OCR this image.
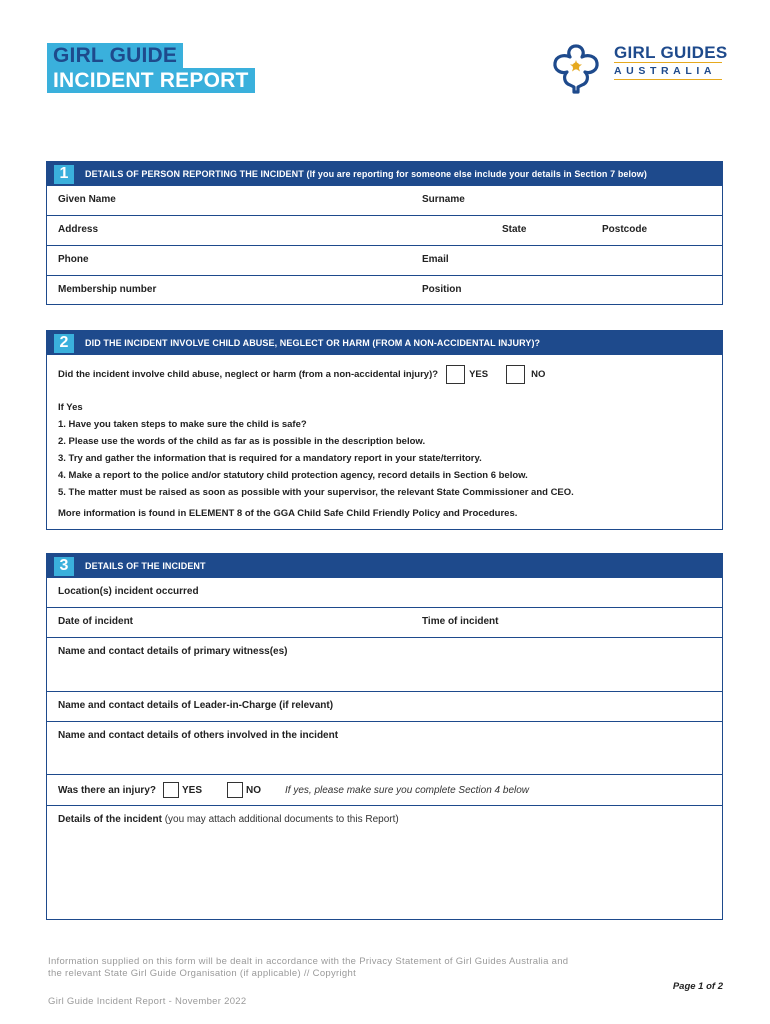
GIRL GUIDE
INCIDENT REPORT
GIRL GUIDES
AUSTRALIA
1	DETAILS OF PERSON REPORTING THE INCIDENT (If you are reporting for someone else include your details in Section 7 below)
Given Name	Surname
Address	State	Postcode
Phone	Email
Membership number	Position
2	DID THE INCIDENT INVOLVE CHILD ABUSE, NEGLECT OR HARM (FROM A NON-ACCIDENTAL INJURY)?
Did the incident involve child abuse, neglect or harm (from a non-accidental injury)?	YES	NO
If Yes
1. Have you taken steps to make sure the child is safe?
2. Please use the words of the child as far as is possible in the description below.
3. Try and gather the information that is required for a mandatory report in your state/territory.
4. Make a report to the police and/or statutory child protection agency, record details in Section 6 below.
5. The matter must be raised as soon as possible with your supervisor, the relevant State Commissioner and CEO.
More information is found in ELEMENT 8 of the GGA Child Safe Child Friendly Policy and Procedures.
3	DETAILS OF THE INCIDENT
Location(s) incident occurred
Date of incident	Time of incident
Name and contact details of primary witness(es)
Name and contact details of Leader-in-Charge (if relevant)
Name and contact details of others involved in the incident
Was there an injury?	YES	NO If yes, please make sure you complete Section 4 below
Details of the incident (you may attach additional documents to this Report)
Information supplied on this form will be dealt in accordance with the Privacy Statement of Girl Guides Australia and
the relevant State Girl Guide Organisation (if applicable) // Copyright
Page 1 of 2
Girl Guide Incident Report - November 2022
